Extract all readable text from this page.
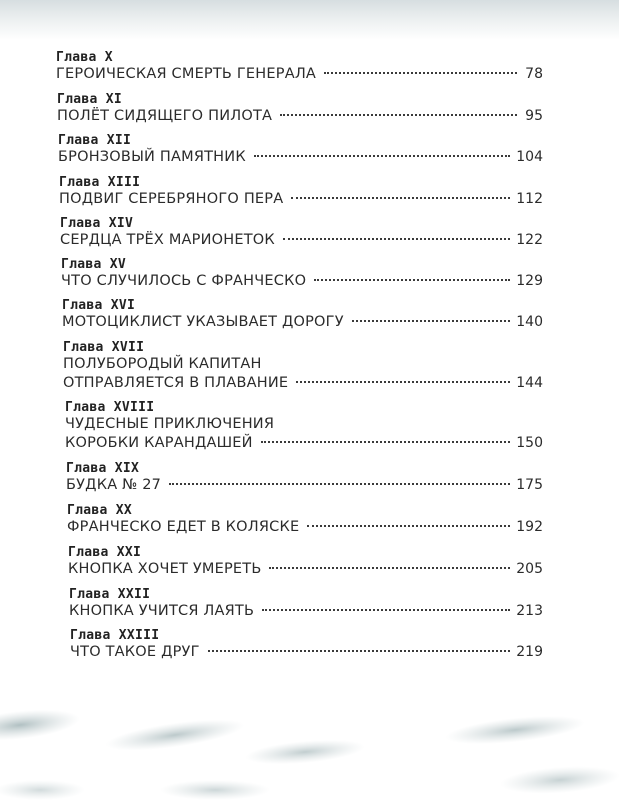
Глава X
ГЕРОИЧЕСКАЯ СМЕРТЬ ГЕНЕРАЛА	78
Глава XI
ПОЛЁТ СИДЯЩЕГО ПИЛОТА	95
Глава XII
БРОНЗОВЫЙ ПАМЯТНИК	104
Глава XIII
ПОДВИГ СЕРЕБРЯНОГО ПЕРА	112
Глава XIV
СЕРДЦА ТРЁХ МАРИОНЕТОК	122
Глава XV
ЧТО СЛУЧИЛОСЬ С ФРАНЧЕСКО	129
Глава XVI
МОТОЦИКЛИСТ УКАЗЫВАЕТ ДОРОГУ	140
Глава XVII
ПОЛУБОРОДЫЙ КАПИТАН
ОТПРАВЛЯЕТСЯ В ПЛАВАНИЕ	144
Глава XVIII
ЧУДЕСНЫЕ ПРИКЛЮЧЕНИЯ
КОРОБКИ КАРАНДАШЕЙ	150
Глава XIX
БУДКА № 27	175
Глава XX
ФРАНЧЕСКО ЕДЕТ В КОЛЯСКЕ	192
Глава XXI
КНОПКА ХОЧЕТ УМЕРЕТЬ	205
Глава XXII
КНОПКА УЧИТСЯ ЛАЯТЬ	213
Глава XXIII
ЧТО ТАКОЕ ДРУГ	219
